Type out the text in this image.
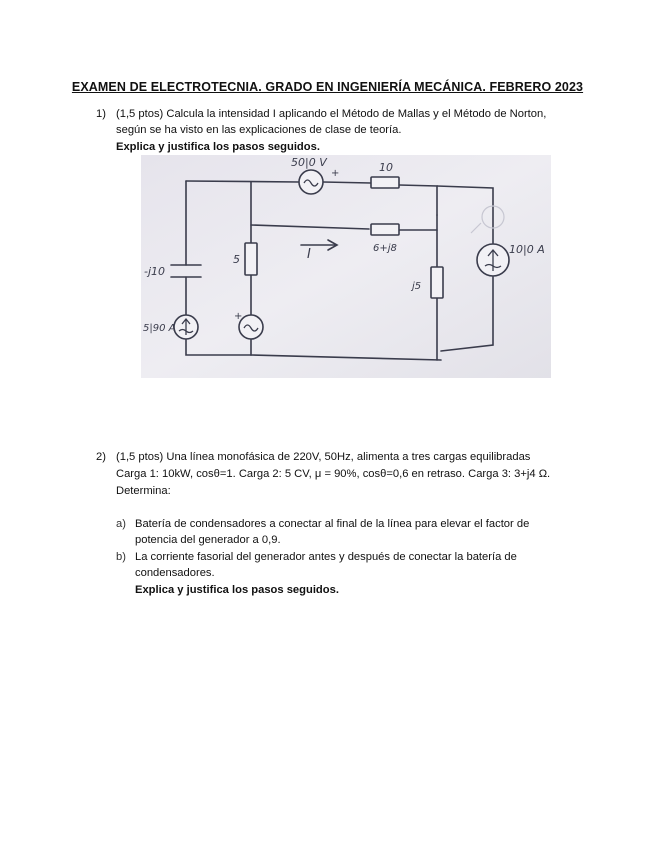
EXAMEN DE ELECTROTECNIA. GRADO EN INGENIERÍA MECÁNICA. FEBRERO 2023
1) (1,5 ptos) Calcula la intensidad I aplicando el Método de Mallas y el Método de Norton,
según se ha visto en las explicaciones de clase de teoría.
Explica y justifica los pasos seguidos.
50|0 V
+	10
5	I	6+j8
j5
10|0 A
-j10
5|90 A
+
2) (1,5 ptos) Una línea monofásica de 220V, 50Hz, alimenta a tres cargas equilibradas
Carga 1: 10kW, cosθ=1. Carga 2: 5 CV, μ = 90%, cosθ=0,6 en retraso. Carga 3: 3+j4 Ω.
Determina:
a) Batería de condensadores a conectar al final de la línea para elevar el factor de
potencia del generador a 0,9.
b) La corriente fasorial del generador antes y después de conectar la batería de
condensadores.
Explica y justifica los pasos seguidos.
